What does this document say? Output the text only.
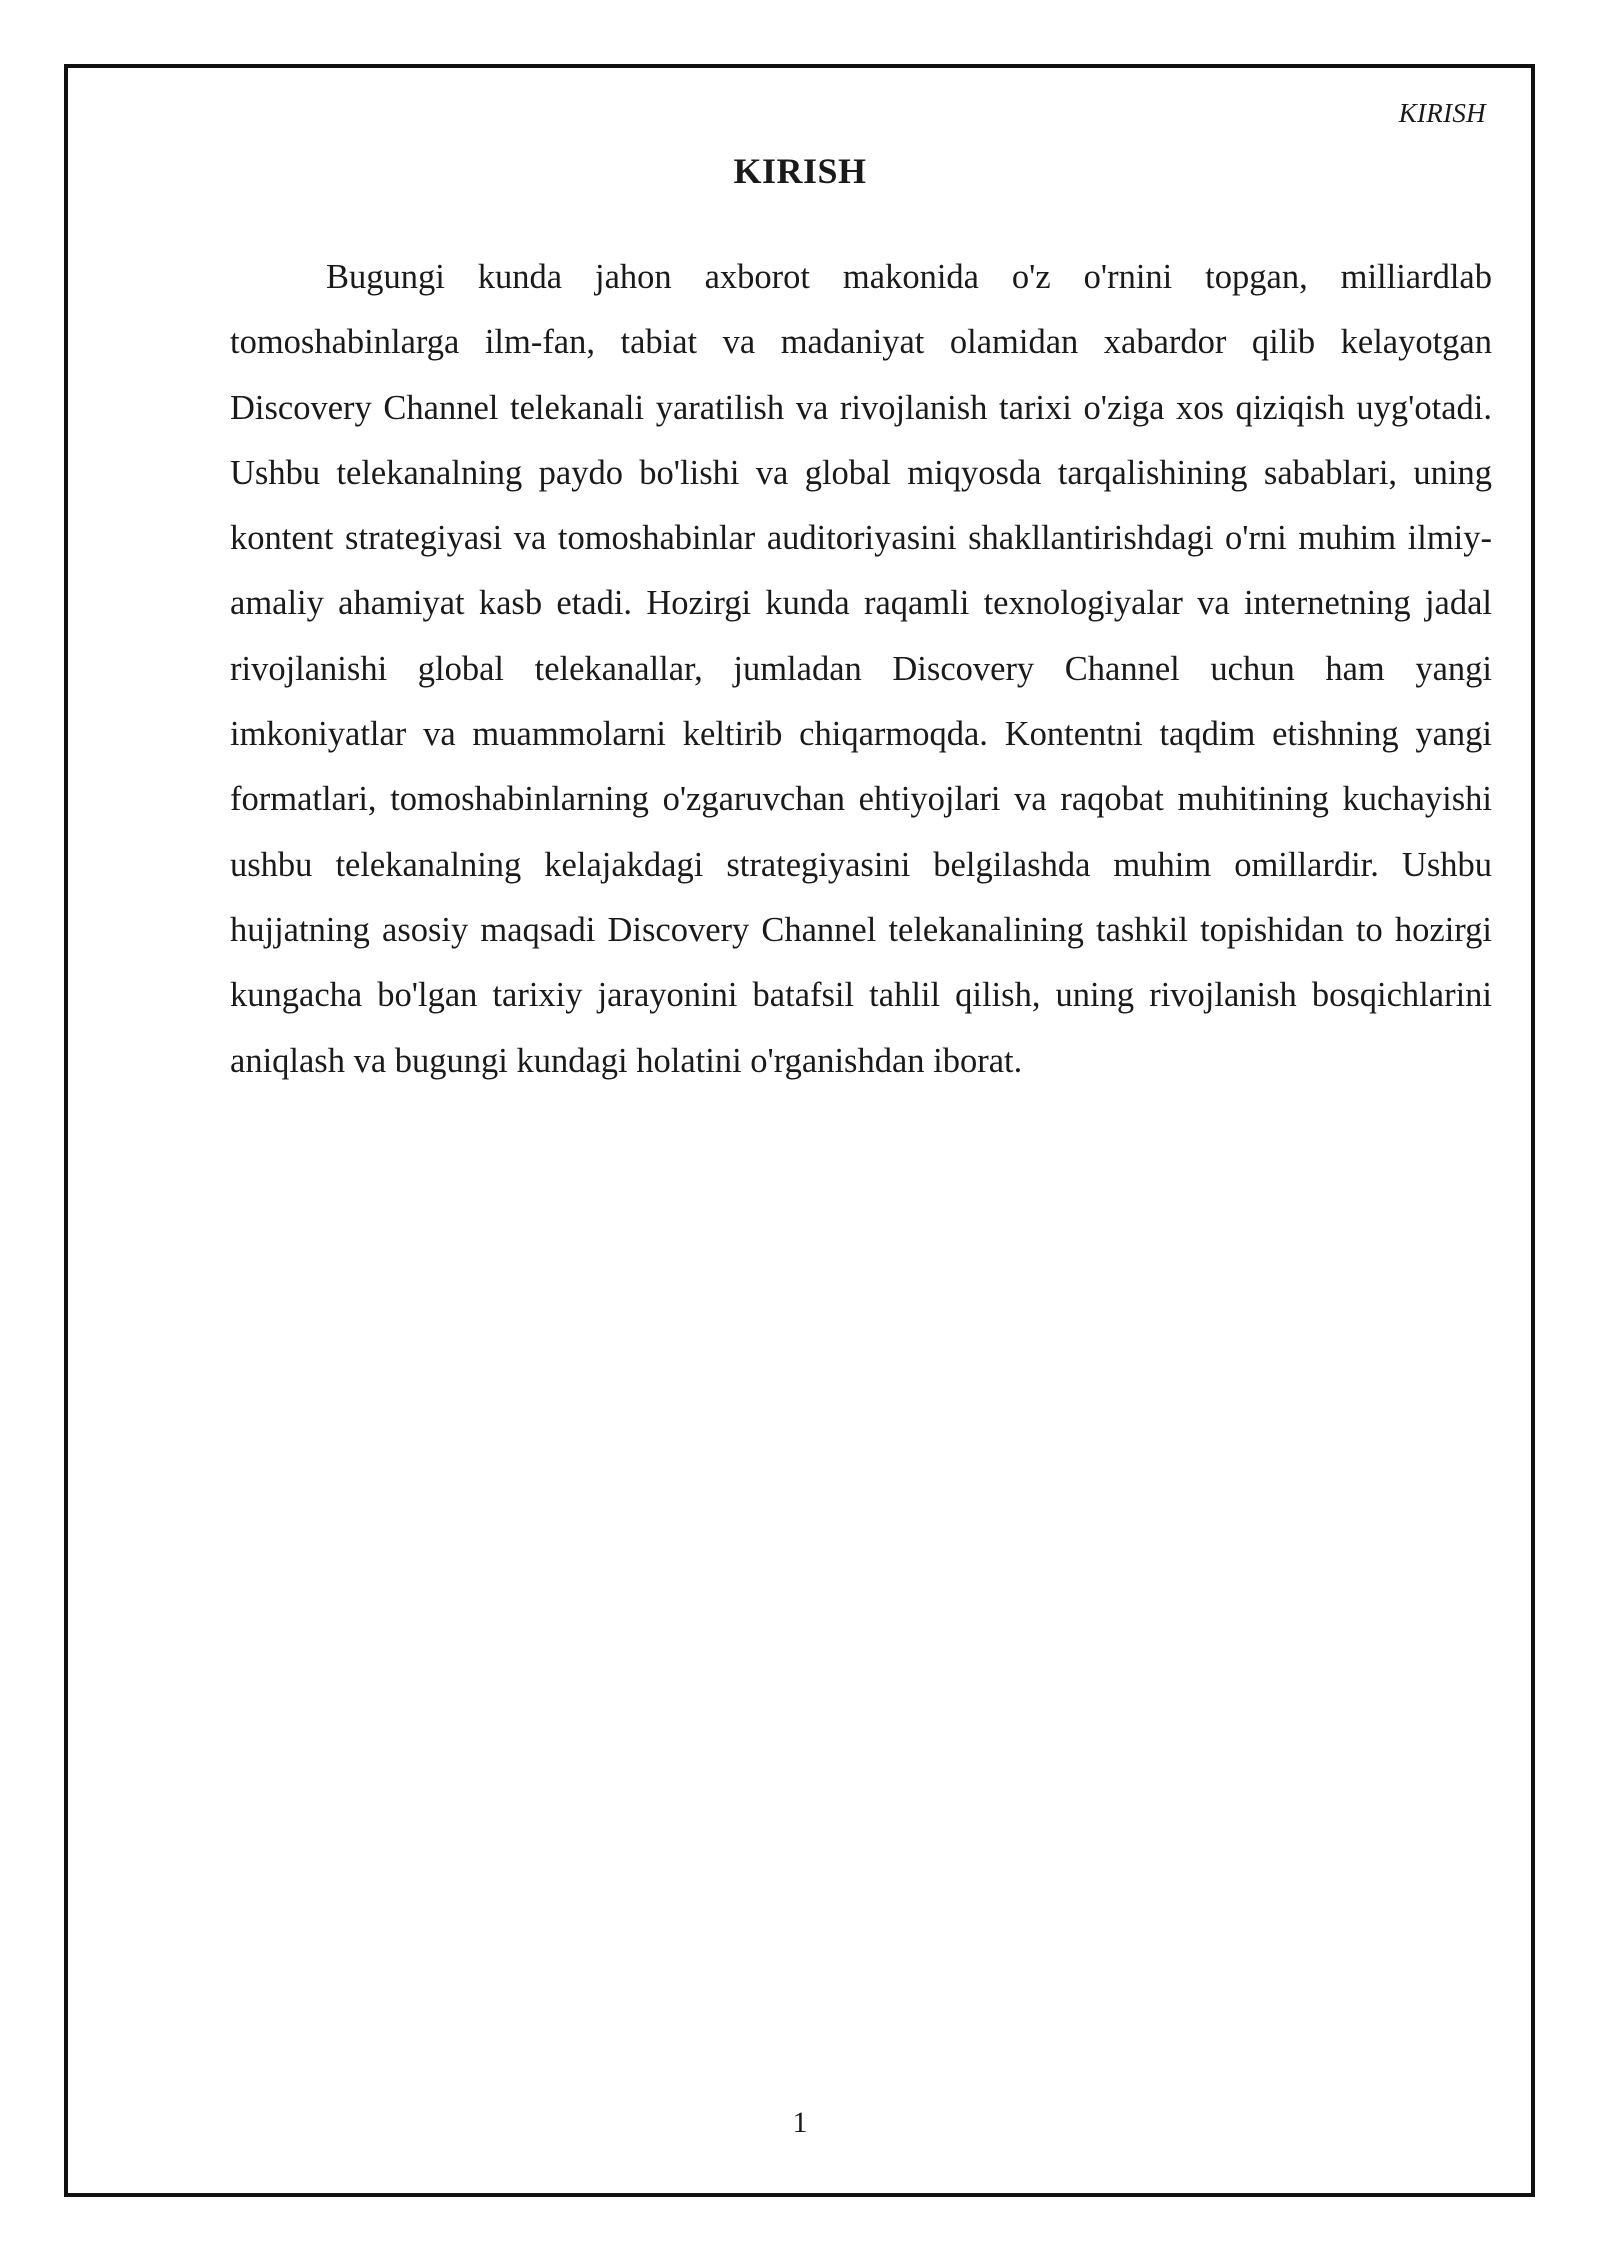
KIRISH
KIRISH

Bugungi kunda jahon axborot makonida o'z o'rnini topgan, milliardlab tomoshabinlarga ilm-fan, tabiat va madaniyat olamidan xabardor qilib kelayotgan Discovery Channel telekanali yaratilish va rivojlanish tarixi o'ziga xos qiziqish uyg'otadi. Ushbu telekanalning paydo bo'lishi va global miqyosda tarqalishining sabablari, uning kontent strategiyasi va tomoshabinlar auditoriyasini shakllantirishdagi o'rni muhim ilmiy-amaliy ahamiyat kasb etadi. Hozirgi kunda raqamli texnologiyalar va internetning jadal rivojlanishi global telekanallar, jumladan Discovery Channel uchun ham yangi imkoniyatlar va muammolarni keltirib chiqarmoqda. Kontentni taqdim etishning yangi formatlari, tomoshabinlarning o'zgaruvchan ehtiyojlari va raqobat muhitining kuchayishi ushbu telekanalning kelajakdagi strategiyasini belgilashda muhim omillardir. Ushbu hujjatning asosiy maqsadi Discovery Channel telekanalining tashkil topishidan to hozirgi kungacha bo'lgan tarixiy jarayonini batafsil tahlil qilish, uning rivojlanish bosqichlarini aniqlash va bugungi kundagi holatini o'rganishdan iborat.

1
